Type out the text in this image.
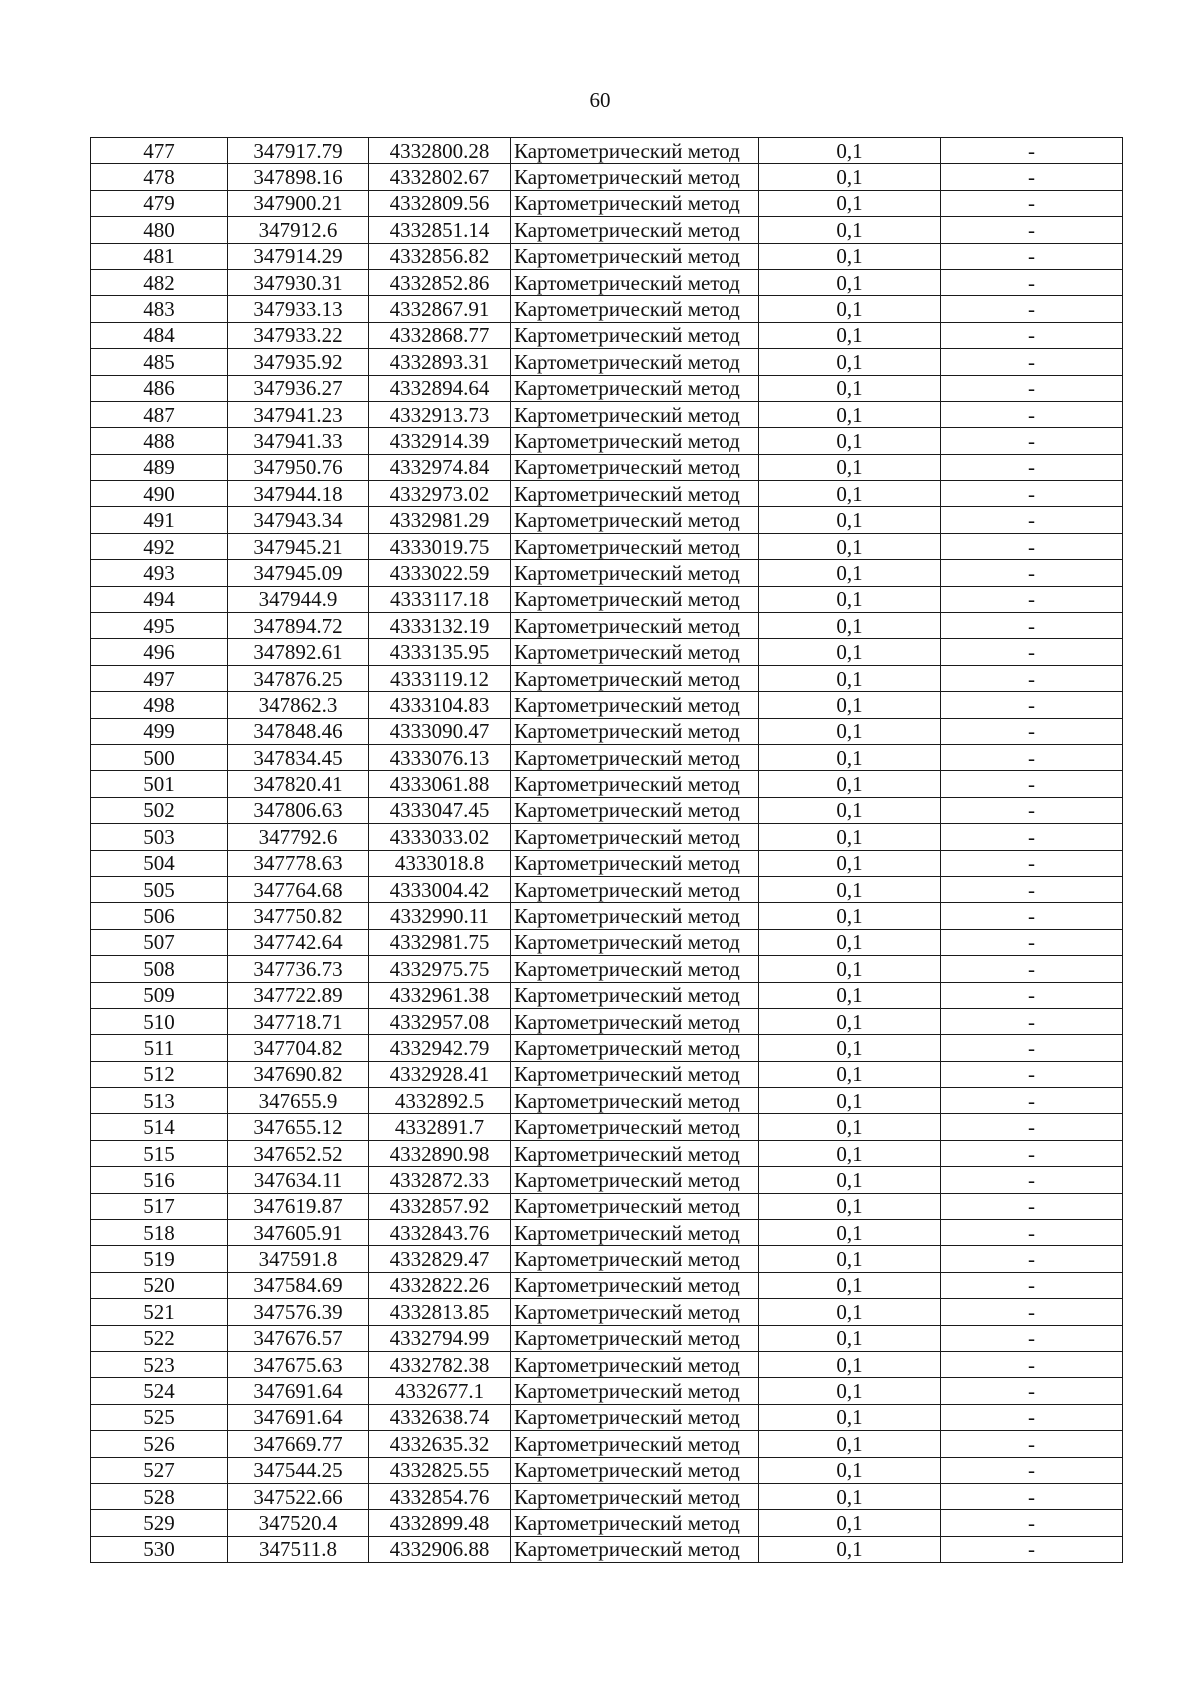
60
477	347917.79	4332800.28	Картометрический метод	0,1	-
478	347898.16	4332802.67	Картометрический метод	0,1	-
479	347900.21	4332809.56	Картометрический метод	0,1	-
480	347912.6	4332851.14	Картометрический метод	0,1	-
481	347914.29	4332856.82	Картометрический метод	0,1	-
482	347930.31	4332852.86	Картометрический метод	0,1	-
483	347933.13	4332867.91	Картометрический метод	0,1	-
484	347933.22	4332868.77	Картометрический метод	0,1	-
485	347935.92	4332893.31	Картометрический метод	0,1	-
486	347936.27	4332894.64	Картометрический метод	0,1	-
487	347941.23	4332913.73	Картометрический метод	0,1	-
488	347941.33	4332914.39	Картометрический метод	0,1	-
489	347950.76	4332974.84	Картометрический метод	0,1	-
490	347944.18	4332973.02	Картометрический метод	0,1	-
491	347943.34	4332981.29	Картометрический метод	0,1	-
492	347945.21	4333019.75	Картометрический метод	0,1	-
493	347945.09	4333022.59	Картометрический метод	0,1	-
494	347944.9	4333117.18	Картометрический метод	0,1	-
495	347894.72	4333132.19	Картометрический метод	0,1	-
496	347892.61	4333135.95	Картометрический метод	0,1	-
497	347876.25	4333119.12	Картометрический метод	0,1	-
498	347862.3	4333104.83	Картометрический метод	0,1	-
499	347848.46	4333090.47	Картометрический метод	0,1	-
500	347834.45	4333076.13	Картометрический метод	0,1	-
501	347820.41	4333061.88	Картометрический метод	0,1	-
502	347806.63	4333047.45	Картометрический метод	0,1	-
503	347792.6	4333033.02	Картометрический метод	0,1	-
504	347778.63	4333018.8	Картометрический метод	0,1	-
505	347764.68	4333004.42	Картометрический метод	0,1	-
506	347750.82	4332990.11	Картометрический метод	0,1	-
507	347742.64	4332981.75	Картометрический метод	0,1	-
508	347736.73	4332975.75	Картометрический метод	0,1	-
509	347722.89	4332961.38	Картометрический метод	0,1	-
510	347718.71	4332957.08	Картометрический метод	0,1	-
511	347704.82	4332942.79	Картометрический метод	0,1	-
512	347690.82	4332928.41	Картометрический метод	0,1	-
513	347655.9	4332892.5	Картометрический метод	0,1	-
514	347655.12	4332891.7	Картометрический метод	0,1	-
515	347652.52	4332890.98	Картометрический метод	0,1	-
516	347634.11	4332872.33	Картометрический метод	0,1	-
517	347619.87	4332857.92	Картометрический метод	0,1	-
518	347605.91	4332843.76	Картометрический метод	0,1	-
519	347591.8	4332829.47	Картометрический метод	0,1	-
520	347584.69	4332822.26	Картометрический метод	0,1	-
521	347576.39	4332813.85	Картометрический метод	0,1	-
522	347676.57	4332794.99	Картометрический метод	0,1	-
523	347675.63	4332782.38	Картометрический метод	0,1	-
524	347691.64	4332677.1	Картометрический метод	0,1	-
525	347691.64	4332638.74	Картометрический метод	0,1	-
526	347669.77	4332635.32	Картометрический метод	0,1	-
527	347544.25	4332825.55	Картометрический метод	0,1	-
528	347522.66	4332854.76	Картометрический метод	0,1	-
529	347520.4	4332899.48	Картометрический метод	0,1	-
530	347511.8	4332906.88	Картометрический метод	0,1	-
